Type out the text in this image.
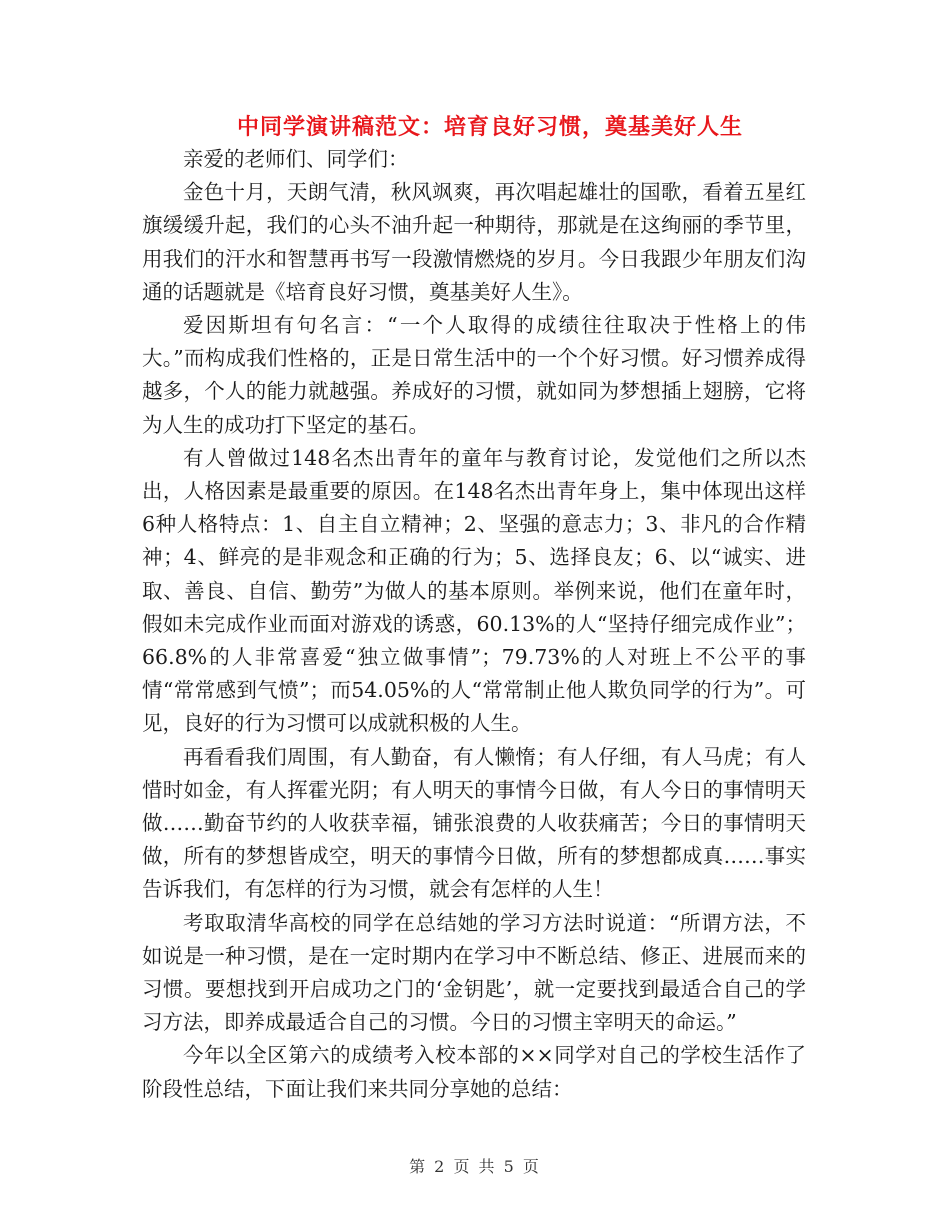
中同学演讲稿范文：培育良好习惯，奠基美好人生

亲爱的老师们、同学们：

金色十月，天朗气清，秋风飒爽，再次唱起雄壮的国歌，看着五星红旗缓缓升起，我们的心头不油升起一种期待，那就是在这绚丽的季节里，用我们的汗水和智慧再书写一段激情燃烧的岁月。今日我跟少年朋友们沟通的话题就是《培育良好习惯，奠基美好人生》。

爱因斯坦有句名言：“一个人取得的成绩往往取决于性格上的伟大。”而构成我们性格的，正是日常生活中的一个个好习惯。好习惯养成得越多，个人的能力就越强。养成好的习惯，就如同为梦想插上翅膀，它将为人生的成功打下坚定的基石。

有人曾做过148名杰出青年的童年与教育讨论，发觉他们之所以杰出，人格因素是最重要的原因。在148名杰出青年身上，集中体现出这样6种人格特点：1、自主自立精神；2、坚强的意志力；3、非凡的合作精神；4、鲜亮的是非观念和正确的行为；5、选择良友；6、以“诚实、进取、善良、自信、勤劳”为做人的基本原则。举例来说，他们在童年时，假如未完成作业而面对游戏的诱惑，60.13%的人“坚持仔细完成作业”；66.8%的人非常喜爱“独立做事情”；79.73%的人对班上不公平的事情“常常感到气愤”；而54.05%的人“常常制止他人欺负同学的行为”。可见，良好的行为习惯可以成就积极的人生。

再看看我们周围，有人勤奋，有人懒惰；有人仔细，有人马虎；有人惜时如金，有人挥霍光阴；有人明天的事情今日做，有人今日的事情明天做……勤奋节约的人收获幸福，铺张浪费的人收获痛苦；今日的事情明天做，所有的梦想皆成空，明天的事情今日做，所有的梦想都成真……事实告诉我们，有怎样的行为习惯，就会有怎样的人生！

考取取清华高校的同学在总结她的学习方法时说道：“所谓方法，不如说是一种习惯，是在一定时期内在学习中不断总结、修正、进展而来的习惯。要想找到开启成功之门的‘金钥匙’，就一定要找到最适合自己的学习方法，即养成最适合自己的习惯。今日的习惯主宰明天的命运。”

今年以全区第六的成绩考入校本部的××同学对自己的学校生活作了阶段性总结，下面让我们来共同分享她的总结：

第 2 页 共 5 页
